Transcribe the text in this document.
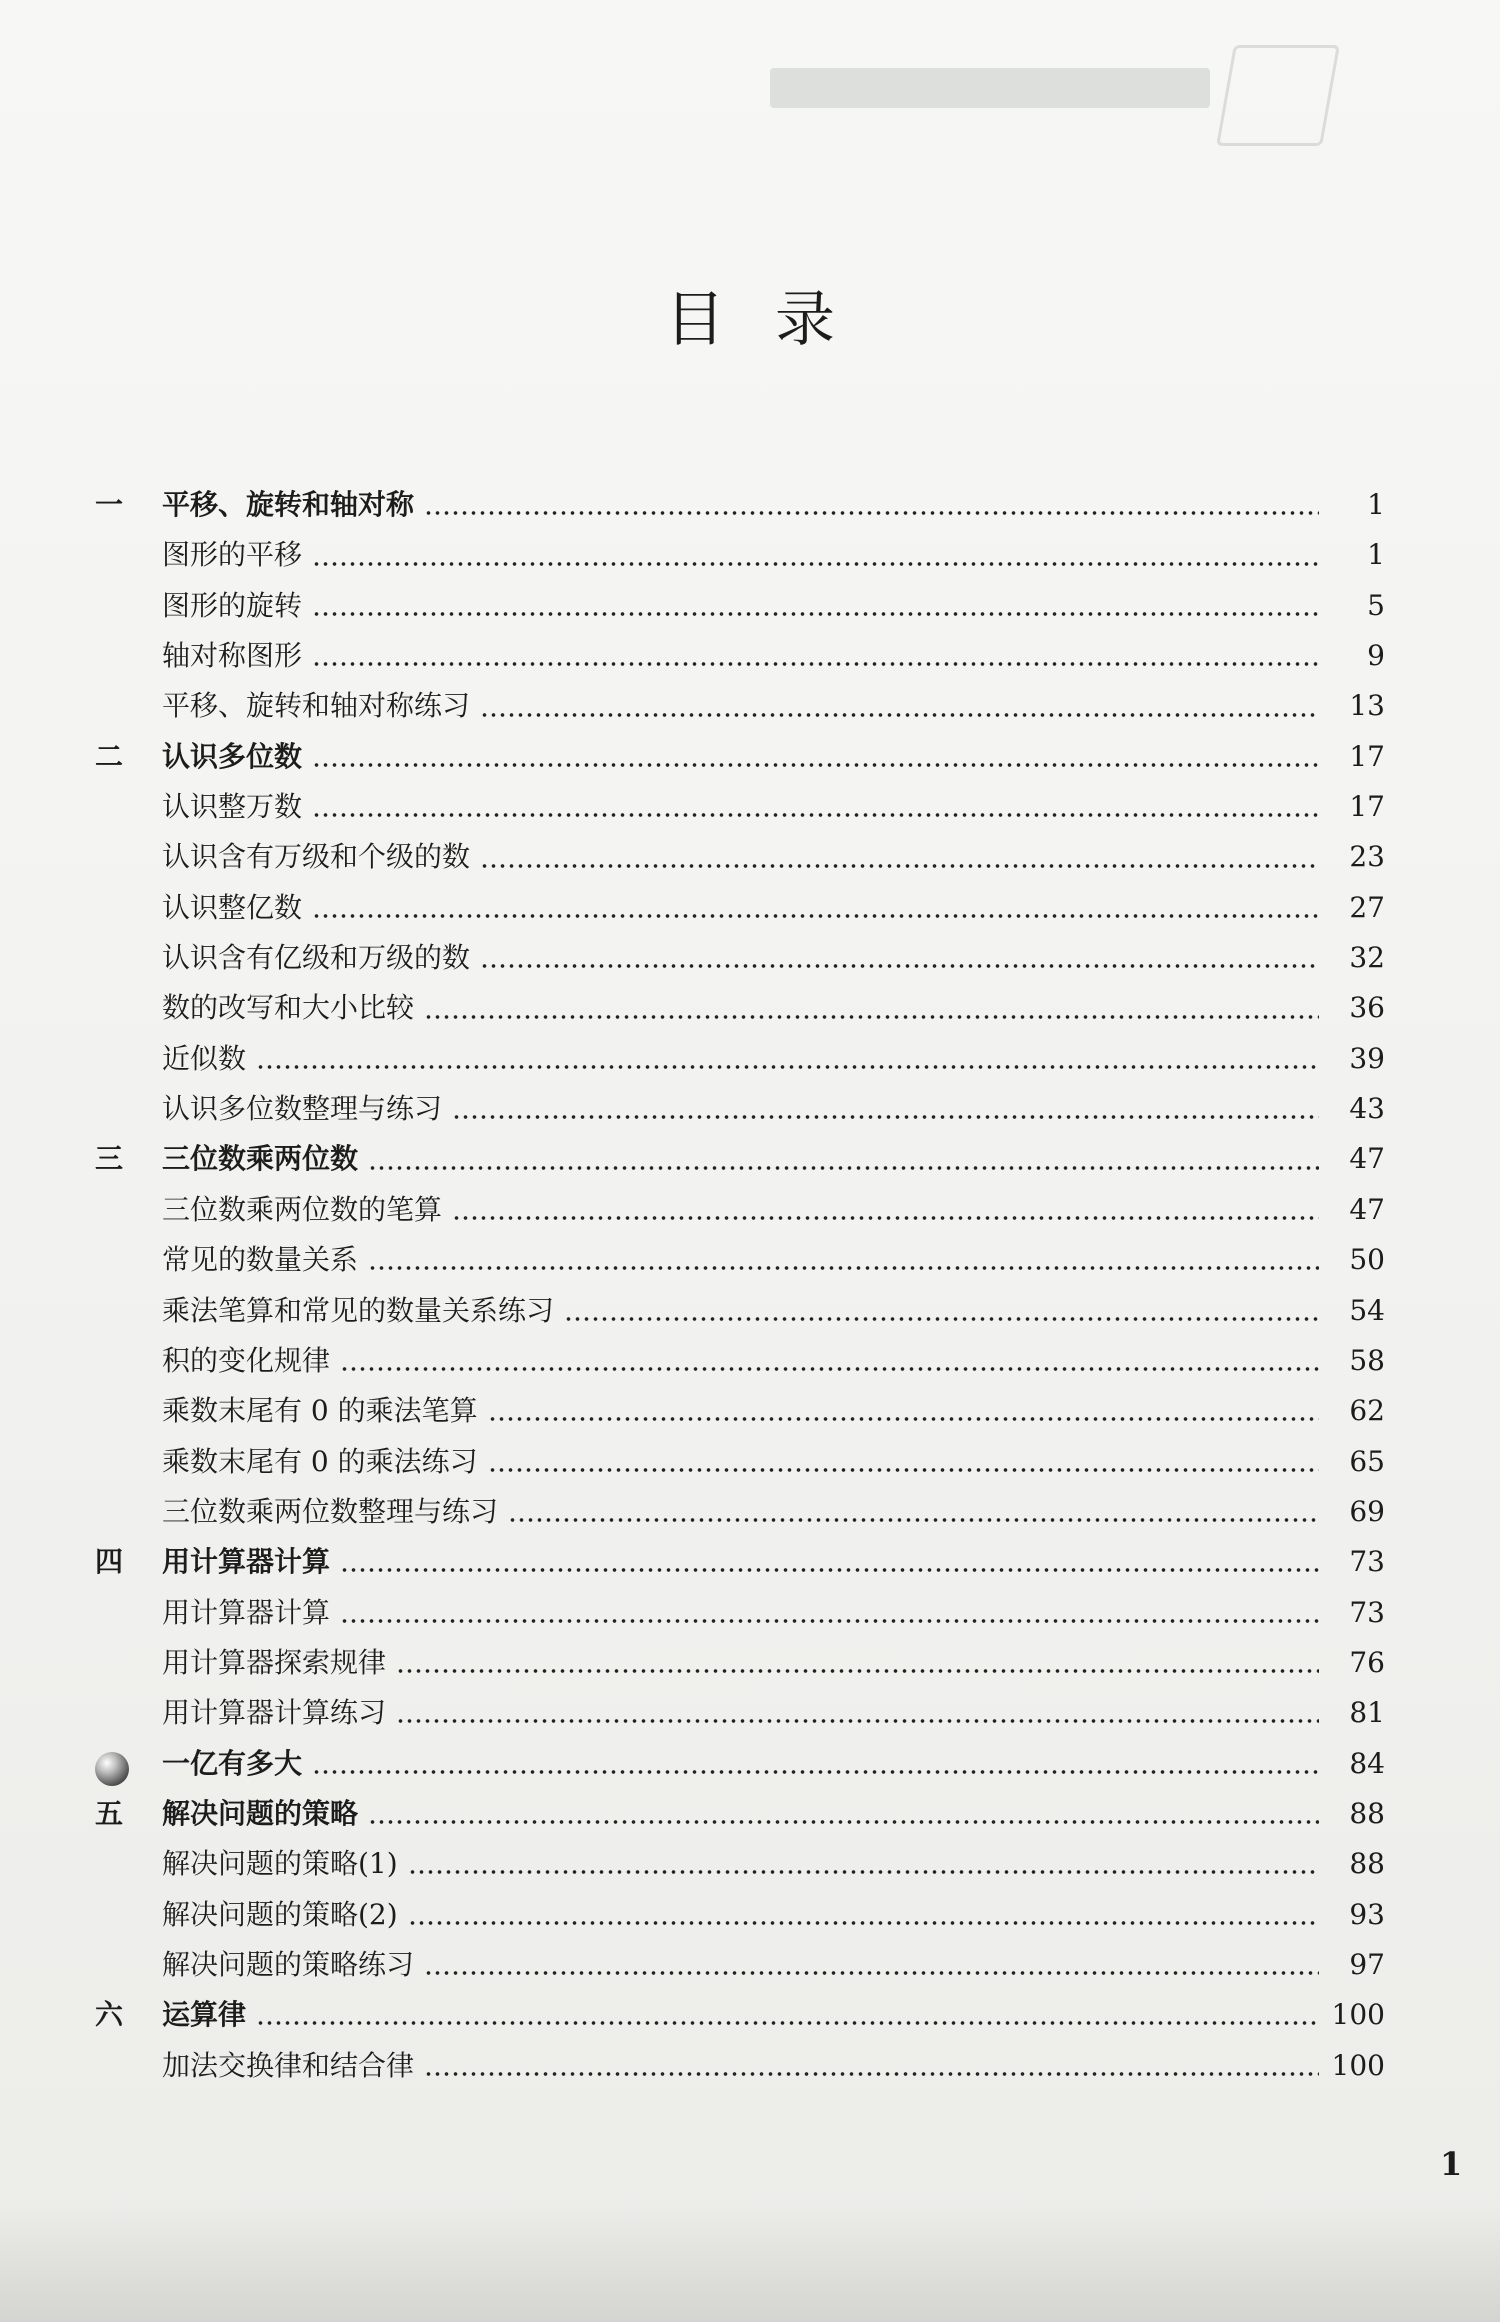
目录
一	平移、旋转和轴对称	1
图形的平移	1
图形的旋转	5
轴对称图形	9
平移、旋转和轴对称练习	13
二	认识多位数	17
认识整万数	17
认识含有万级和个级的数	23
认识整亿数	27
认识含有亿级和万级的数	32
数的改写和大小比较	36
近似数	39
认识多位数整理与练习	43
三	三位数乘两位数	47
三位数乘两位数的笔算	47
常见的数量关系	50
乘法笔算和常见的数量关系练习	54
积的变化规律	58
乘数末尾有 0 的乘法笔算	62
乘数末尾有 0 的乘法练习	65
三位数乘两位数整理与练习	69
四	用计算器计算	73
用计算器计算	73
用计算器探索规律	76
用计算器计算练习	81
一亿有多大	84
五	解决问题的策略	88
解决问题的策略(1)	88
解决问题的策略(2)	93
解决问题的策略练习	97
六	运算律	100
加法交换律和结合律	100
1
